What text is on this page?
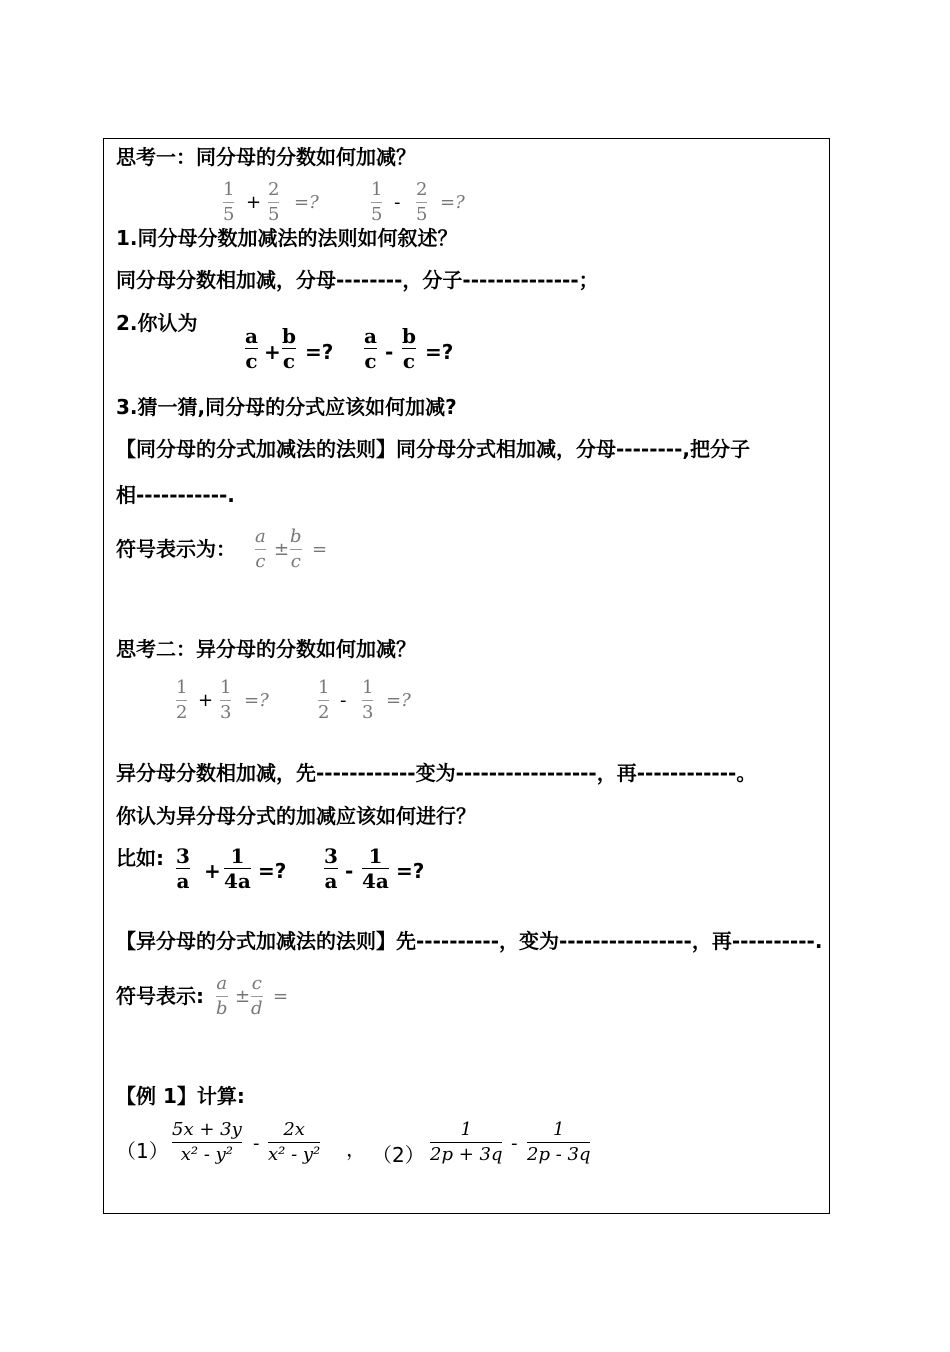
思考一：同分母的分数如何加减？
1
5
+
2
5
=?
1
5
-
2
5
=?
1.同分母分数加减法的法则如何叙述？
同分母分数相加减，分母--------，分子--------------；
2.你认为
a
c +
b
c =?
a
c -
b
c =?
3.猜一猜,同分母的分式应该如何加减?
【同分母的分式加减法的法则】同分母分式相加减，分母--------,把分子
相-----------.
符号表示为：
a
c
±
b
c
=
思考二：异分母的分数如何加减？
1
2
+
1
3
=?
1
2
-
1
3
=?
异分母分数相加减，先------------变为-----------------，再------------。
你认为异分母分式的加减应该如何进行？
比如: 3
a +
1
4a =?
3
a -
1
4a =?
【异分母的分式加减法的法则】先----------，变为----------------，再----------.
符号表示:
a
b
±
c
d
=
【例 1】计算:
（1）
5x + 3y
x² - y²
-
2x
x² - y² ， （2）
1
2p + 3q
-
1
2p - 3q
